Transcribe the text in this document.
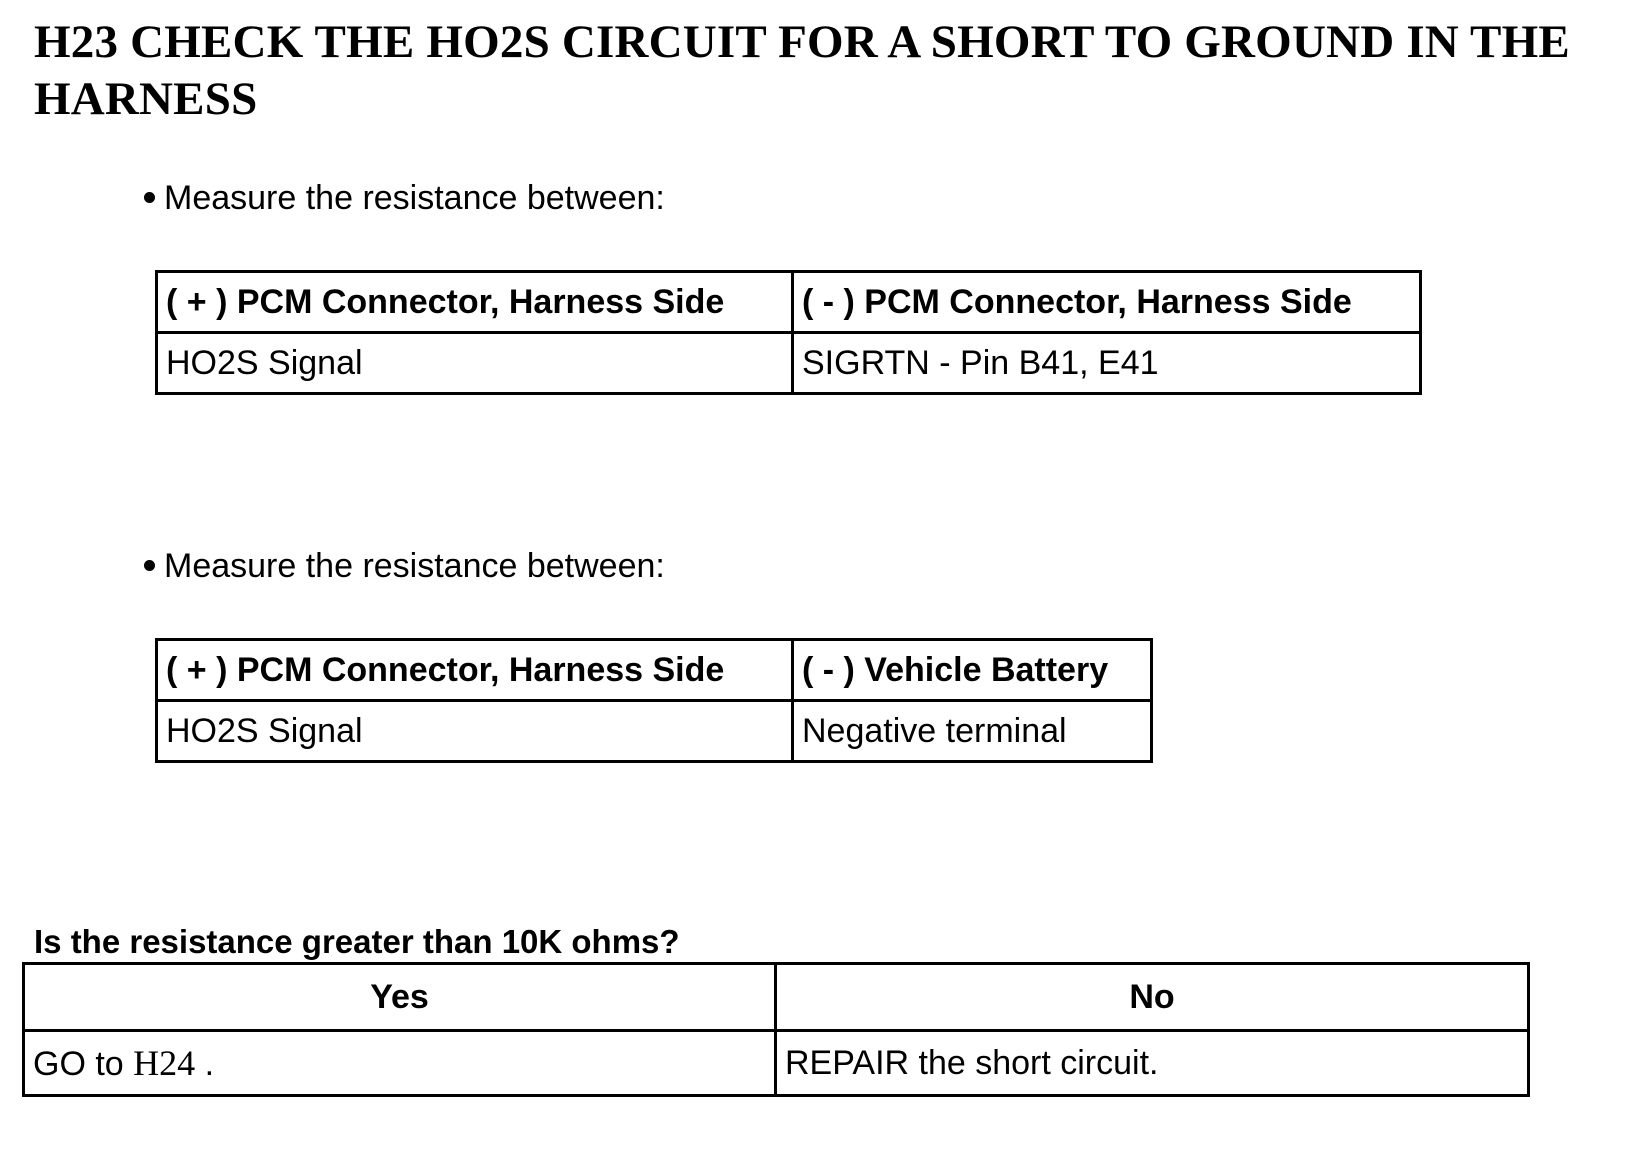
H23 CHECK THE HO2S CIRCUIT FOR A SHORT TO GROUND IN THE HARNESS
Measure the resistance between:
( + ) PCM Connector, Harness Side	( - ) PCM Connector, Harness Side
HO2S Signal	SIGRTN - Pin B41, E41
Measure the resistance between:
( + ) PCM Connector, Harness Side	( - ) Vehicle Battery
HO2S Signal	Negative terminal
Is the resistance greater than 10K ohms?
Yes	No
GO to H24 .	REPAIR the short circuit.
